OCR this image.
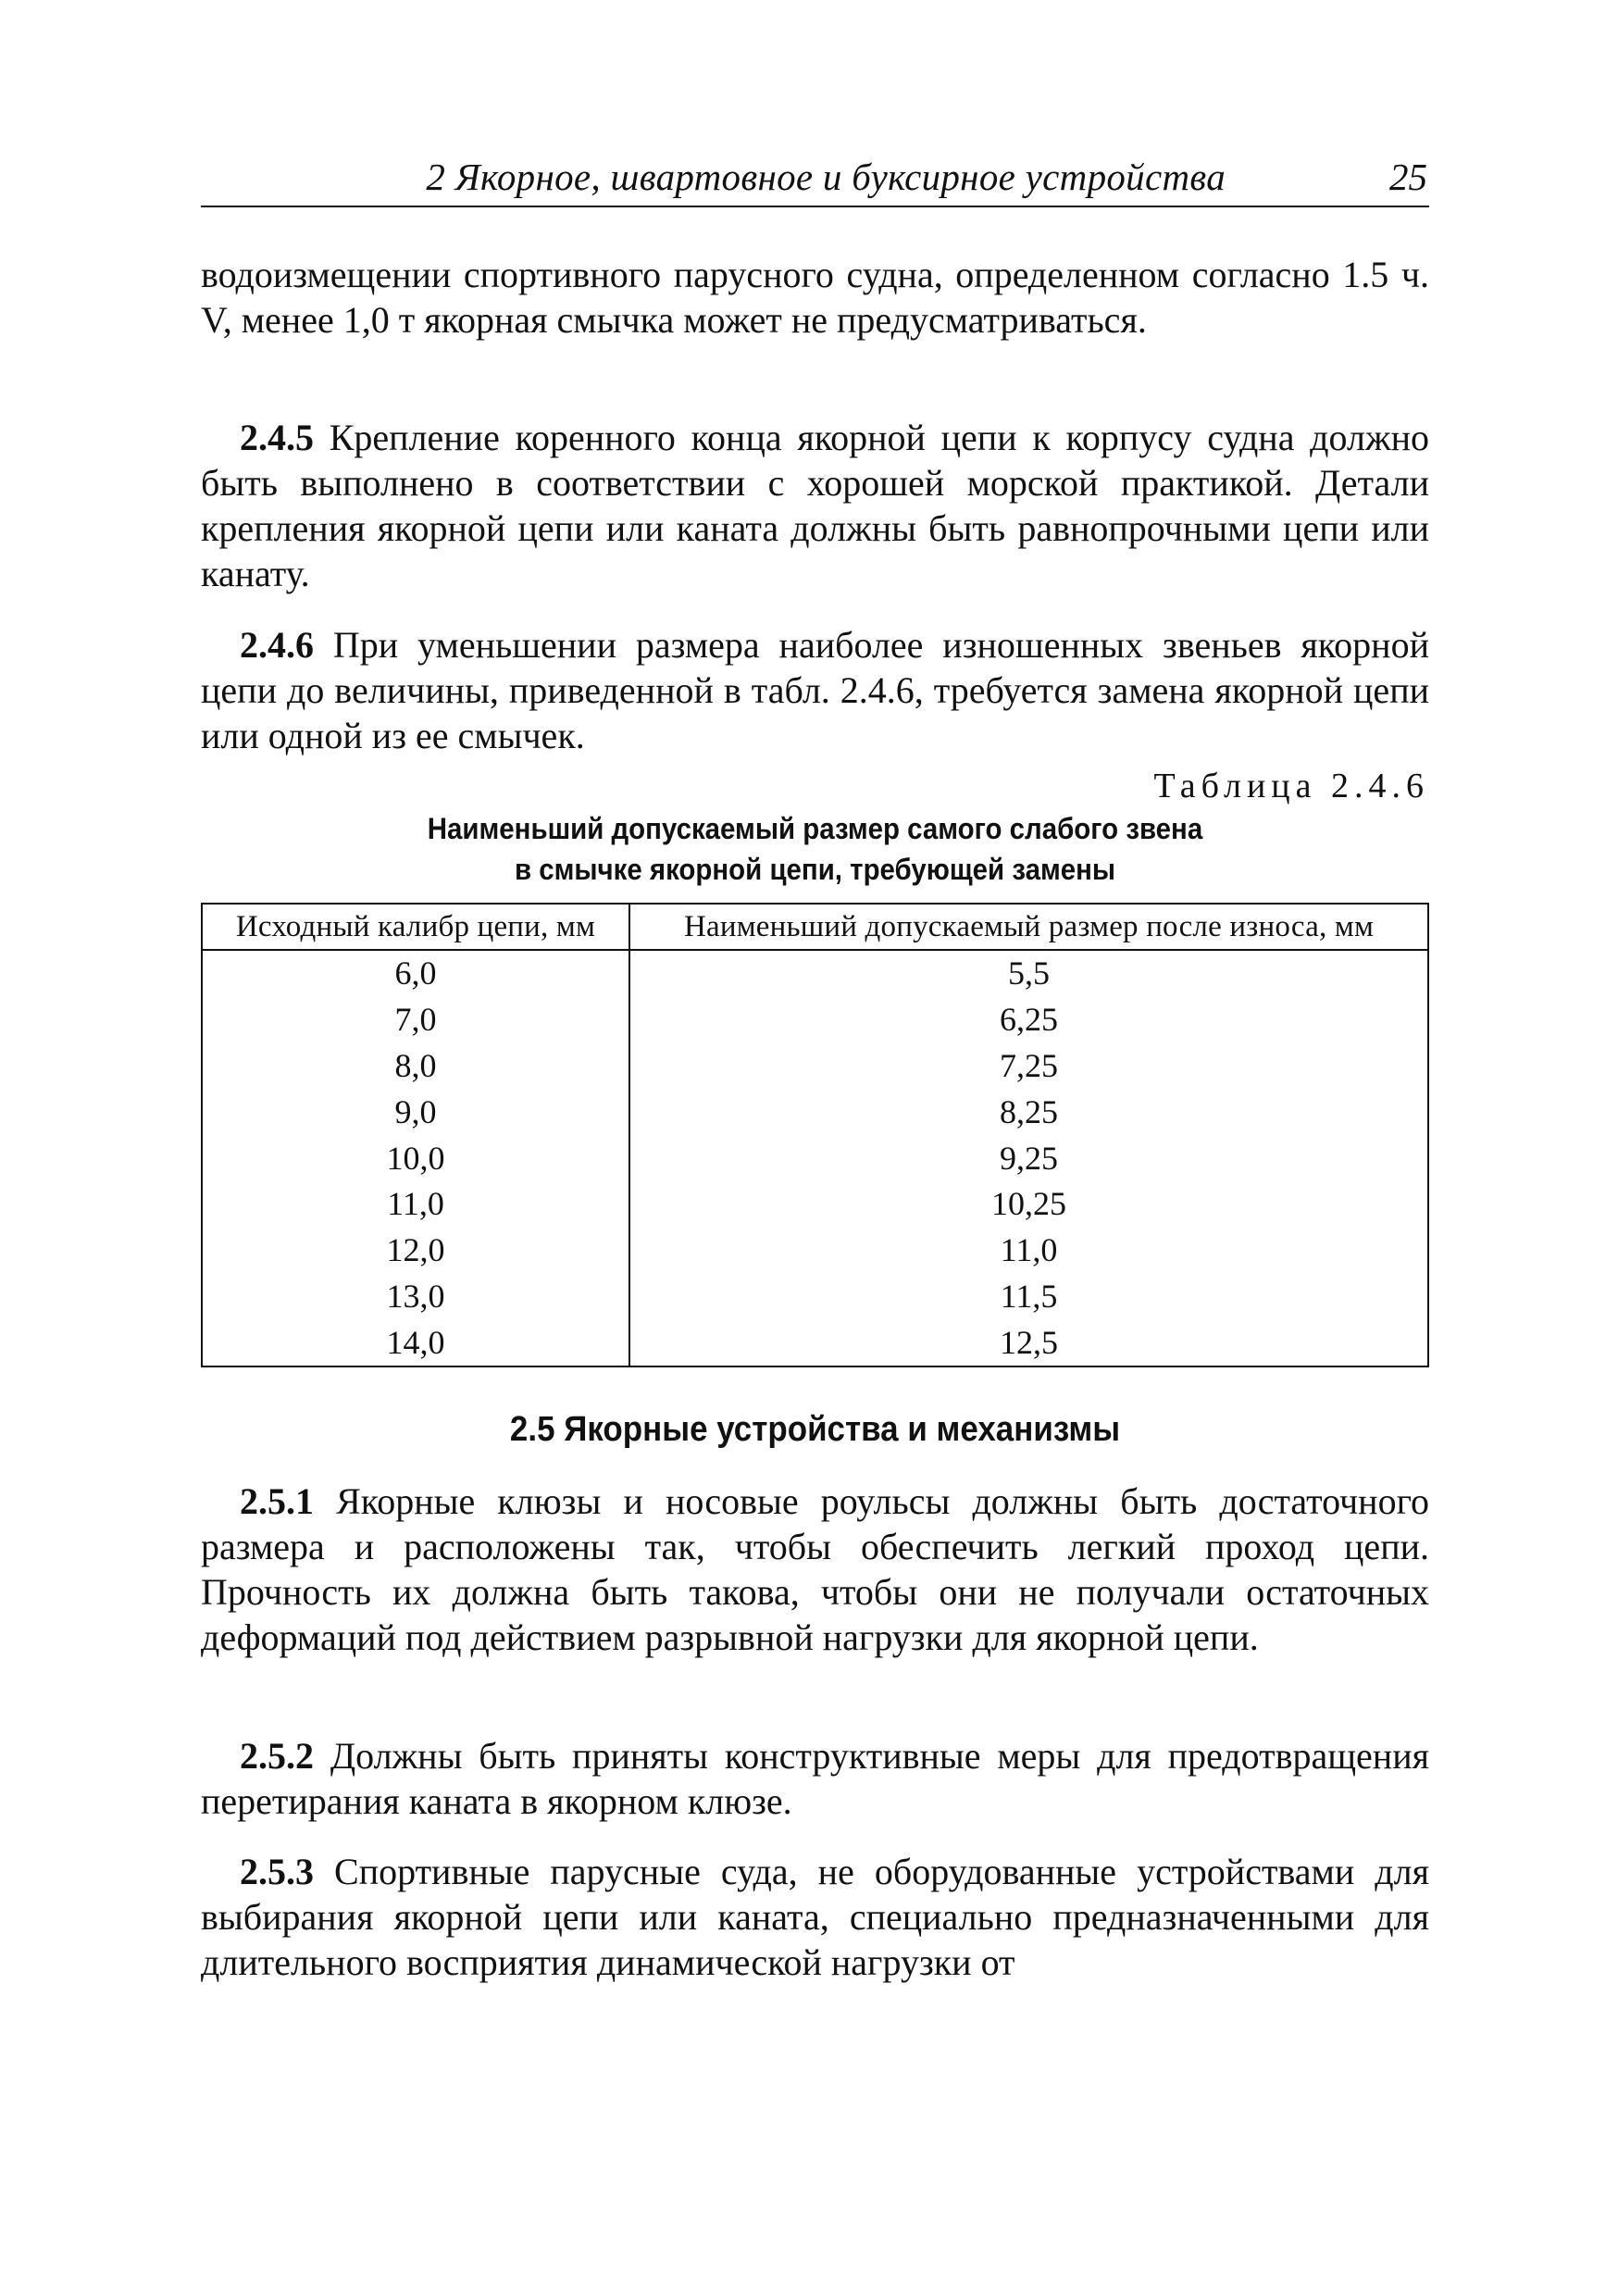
2 Якорное, швартовное и буксирное устройства	25

водоизмещении спортивного парусного судна, определенном согласно 1.5 ч. V, менее 1,0 т якорная смычка может не предусматриваться.

2.4.5 Крепление коренного конца якорной цепи к корпусу судна должно быть выполнено в соответствии с хорошей морской практикой. Детали крепления якорной цепи или каната должны быть равнопрочными цепи или канату.

2.4.6 При уменьшении размера наиболее изношенных звеньев якорной цепи до величины, приведенной в табл. 2.4.6, требуется замена якорной цепи или одной из ее смычек.

Таблица 2.4.6
Наименьший допускаемый размер самого слабого звена
в смычке якорной цепи, требующей замены
Исходный калибр цепи, мм	Наименьший допускаемый размер после износа, мм
6,0	5,5
7,0	6,25
8,0	7,25
9,0	8,25
10,0	9,25
11,0	10,25
12,0	11,0
13,0	11,5
14,0	12,5
2.5 Якорные устройства и механизмы

2.5.1 Якорные клюзы и носовые роульсы должны быть достаточного размера и расположены так, чтобы обеспечить легкий проход цепи. Прочность их должна быть такова, чтобы они не получали остаточных деформаций под действием разрывной нагрузки для якорной цепи.

2.5.2 Должны быть приняты конструктивные меры для предотвращения перетирания каната в якорном клюзе.

2.5.3 Спортивные парусные суда, не оборудованные устройствами для выбирания якорной цепи или каната, специально предназначенными для длительного восприятия динамической нагрузки от
